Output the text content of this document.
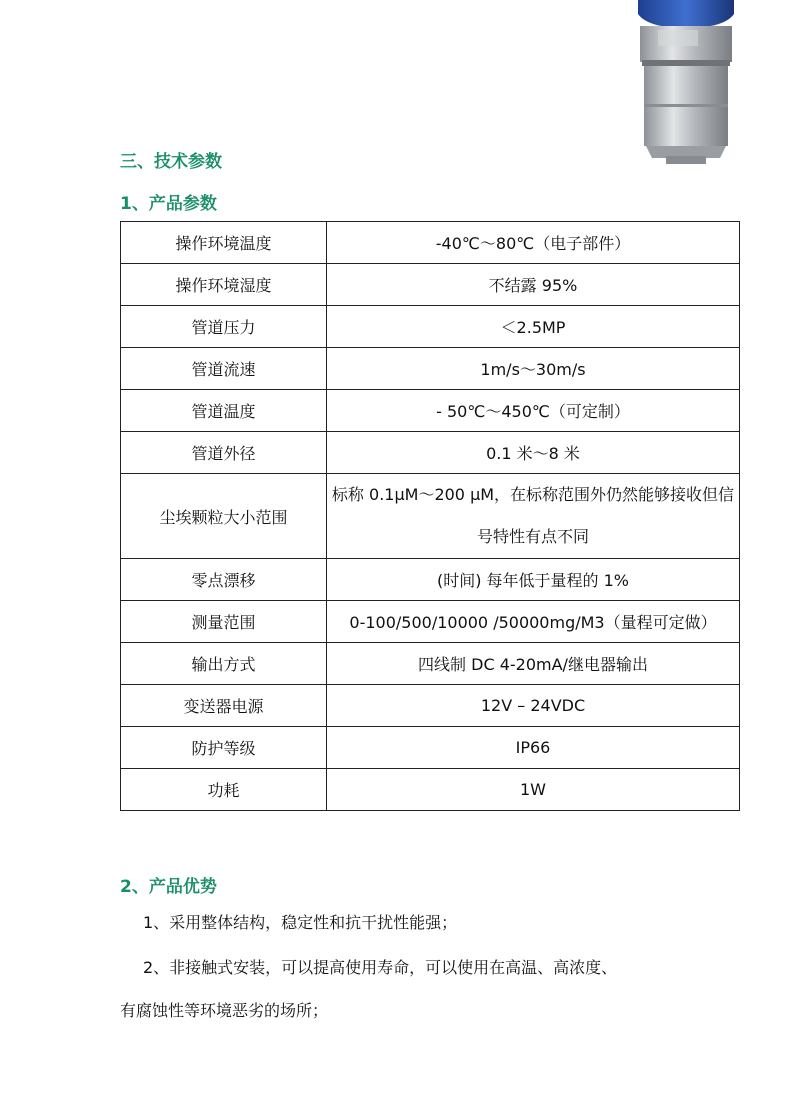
三、技术参数
1、产品参数
操作环境温度	-40℃～80℃（电子部件）
操作环境湿度	不结露 95%
管道压力	＜2.5MP
管道流速	1m/s～30m/s
管道温度	- 50℃～450℃（可定制）
管道外径	0.1 米～8 米
尘埃颗粒大小范围	标称 0.1μM～200 μM，在标称范围外仍然能够接收但信号特性有点不同
零点漂移	(时间) 每年低于量程的 1%
测量范围	0-100/500/10000 /50000mg/M3（量程可定做）
输出方式	四线制 DC 4-20mA/继电器输出
变送器电源	12V – 24VDC
防护等级	IP66
功耗	1W
2、产品优势

1、采用整体结构，稳定性和抗干扰性能强；

2、非接触式安装，可以提高使用寿命，可以使用在高温、高浓度、

有腐蚀性等环境恶劣的场所；
